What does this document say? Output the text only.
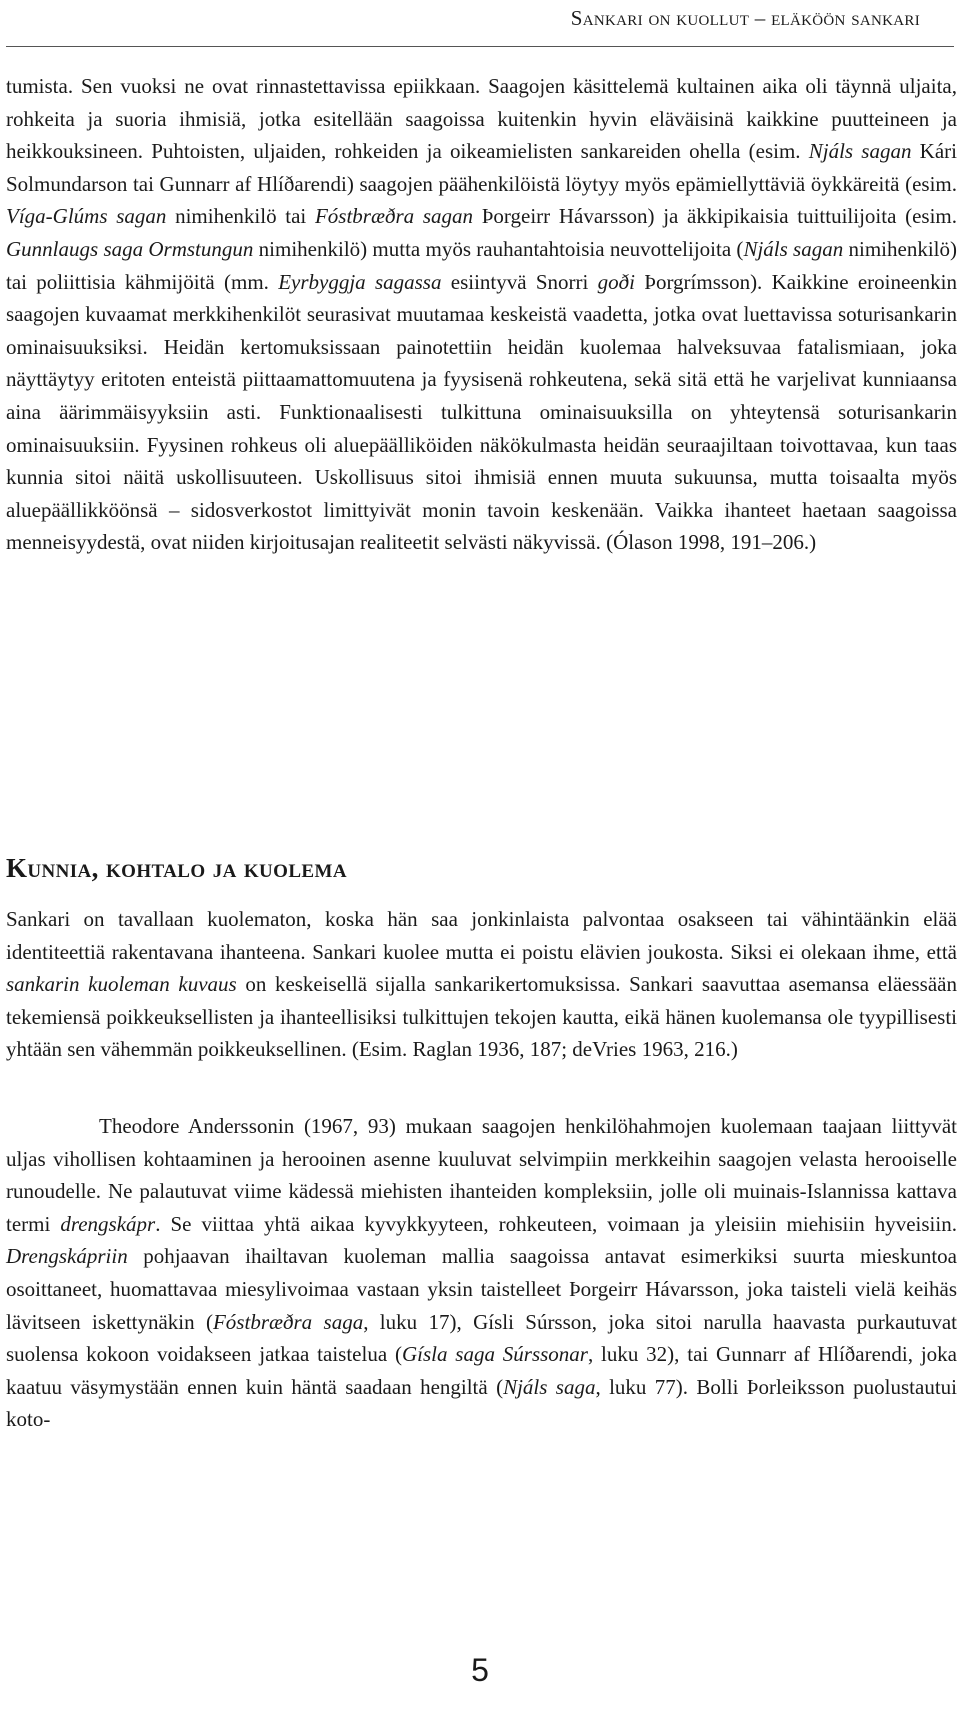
Sankari on kuollut – eläköön sankari

tumista. Sen vuoksi ne ovat rinnastettavissa epiikkaan. Saagojen käsittelemä kultainen aika oli täynnä uljaita, rohkeita ja suoria ihmisiä, jotka esitellään saagoissa kuitenkin hyvin eläväisinä kaikkine puutteineen ja heikkouksineen. Puhtoisten, uljaiden, rohkeiden ja oikeamielisten sankareiden ohella (esim. Njáls sagan Kári Solmundarson tai Gunnarr af Hlíðarendi) saagojen päähenkilöistä löytyy myös epämiellyttäviä öykkäreitä (esim. Víga-Glúms sagan nimihenkilö tai Fóstbræðra sagan Þorgeirr Hávarsson) ja äkkipikaisia tuittuilijoita (esim. Gunnlaugs saga Ormstungun nimihenkilö) mutta myös rauhantahtoisia neuvottelijoita (Njáls sagan nimihenkilö) tai poliittisia kähmijöitä (mm. Eyrbyggja sagassa esiintyvä Snorri goði Þorgrímsson). Kaikkine eroineenkin saagojen kuvaamat merkkihenkilöt seurasivat muutamaa keskeistä vaadetta, jotka ovat luettavissa soturisankarin ominaisuuksiksi. Heidän kertomuksissaan painotettiin heidän kuolemaa halveksuvaa fatalismiaan, joka näyttäytyy eritoten enteistä piittaamattomuutena ja fyysisenä rohkeutena, sekä sitä että he varjelivat kunniaansa aina äärimmäisyyksiin asti. Funktionaalisesti tulkittuna ominaisuuksilla on yhteytensä soturisankarin ominaisuuksiin. Fyysinen rohkeus oli aluepäälliköiden näkökulmasta heidän seuraajiltaan toivottavaa, kun taas kunnia sitoi näitä uskollisuuteen. Uskollisuus sitoi ihmisiä ennen muuta sukuunsa, mutta toisaalta myös aluepäällikköönsä – sidosverkostot limittyivät monin tavoin keskenään. Vaikka ihanteet haetaan saagoissa menneisyydestä, ovat niiden kirjoitusajan realiteetit selvästi näkyvissä. (Ólason 1998, 191–206.)

Kunnia, kohtalo ja kuolema

Sankari on tavallaan kuolematon, koska hän saa jonkinlaista palvontaa osakseen tai vähintäänkin elää identiteettiä rakentavana ihanteena. Sankari kuolee mutta ei poistu elävien joukosta. Siksi ei olekaan ihme, että sankarin kuoleman kuvaus on keskeisellä sijalla sankarikertomuksissa. Sankari saavuttaa asemansa eläessään tekemiensä poikkeuksellisten ja ihanteellisiksi tulkittujen tekojen kautta, eikä hänen kuolemansa ole tyypillisesti yhtään sen vähemmän poikkeuksellinen. (Esim. Raglan 1936, 187; deVries 1963, 216.)

Theodore Anderssonin (1967, 93) mukaan saagojen henkilöhahmojen kuolemaan taajaan liittyvät uljas vihollisen kohtaaminen ja herooinen asenne kuuluvat selvimpiin merkkeihin saagojen velasta herooiselle runoudelle. Ne palautuvat viime kädessä miehisten ihanteiden kompleksiin, jolle oli muinais-Islannissa kattava termi drengskápr. Se viittaa yhtä aikaa kyvykkyyteen, rohkeuteen, voimaan ja yleisiin miehisiin hyveisiin. Drengskápriin pohjaavan ihailtavan kuoleman mallia saagoissa antavat esimerkiksi suurta mieskuntoa osoittaneet, huomattavaa miesylivoimaa vastaan yksin taistelleet Þorgeirr Hávarsson, joka taisteli vielä keihäs lävitseen iskettynäkin (Fóstbræðra saga, luku 17), Gísli Súrsson, joka sitoi narulla haavasta purkautuvat suolensa kokoon voidakseen jatkaa taistelua (Gísla saga Súrssonar, luku 32), tai Gunnarr af Hlíðarendi, joka kaatuu väsymystään ennen kuin häntä saadaan hengiltä (Njáls saga, luku 77). Bolli Þorleiksson puolustautui koto-

5
